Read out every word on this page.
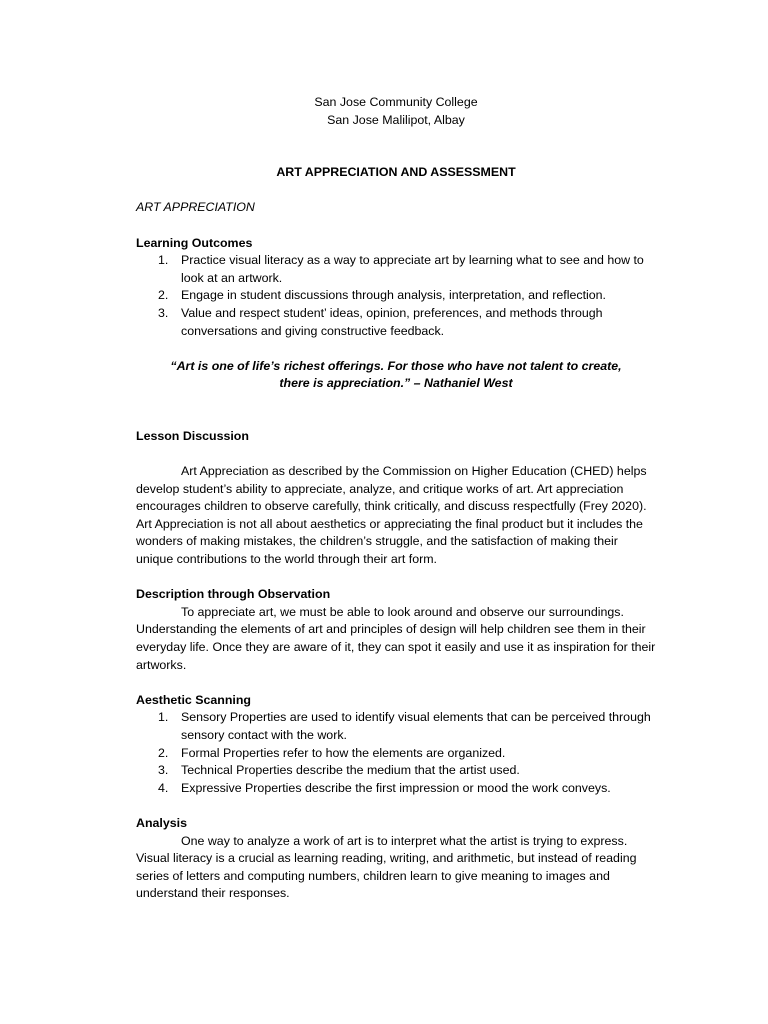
San Jose Community College

San Jose Malilipot, Albay

ART APPRECIATION AND ASSESSMENT

ART APPRECIATION

Learning Outcomes

1. Practice visual literacy as a way to appreciate art by learning what to see and how to look at an artwork.
2. Engage in student discussions through analysis, interpretation, and reflection.
3. Value and respect student’ ideas, opinion, preferences, and methods through conversations and giving constructive feedback.

“Art is one of life’s richest offerings. For those who have not talent to create, there is appreciation.” – Nathaniel West

Lesson Discussion

Art Appreciation as described by the Commission on Higher Education (CHED) helps develop student’s ability to appreciate, analyze, and critique works of art. Art appreciation encourages children to observe carefully, think critically, and discuss respectfully (Frey 2020). Art Appreciation is not all about aesthetics or appreciating the final product but it includes the wonders of making mistakes, the children’s struggle, and the satisfaction of making their unique contributions to the world through their art form.

Description through Observation

To appreciate art, we must be able to look around and observe our surroundings. Understanding the elements of art and principles of design will help children see them in their everyday life. Once they are aware of it, they can spot it easily and use it as inspiration for their artworks.

Aesthetic Scanning

1. Sensory Properties are used to identify visual elements that can be perceived through sensory contact with the work.
2. Formal Properties refer to how the elements are organized.
3. Technical Properties describe the medium that the artist used.
4. Expressive Properties describe the first impression or mood the work conveys.

Analysis

One way to analyze a work of art is to interpret what the artist is trying to express. Visual literacy is a crucial as learning reading, writing, and arithmetic, but instead of reading series of letters and computing numbers, children learn to give meaning to images and understand their responses.
